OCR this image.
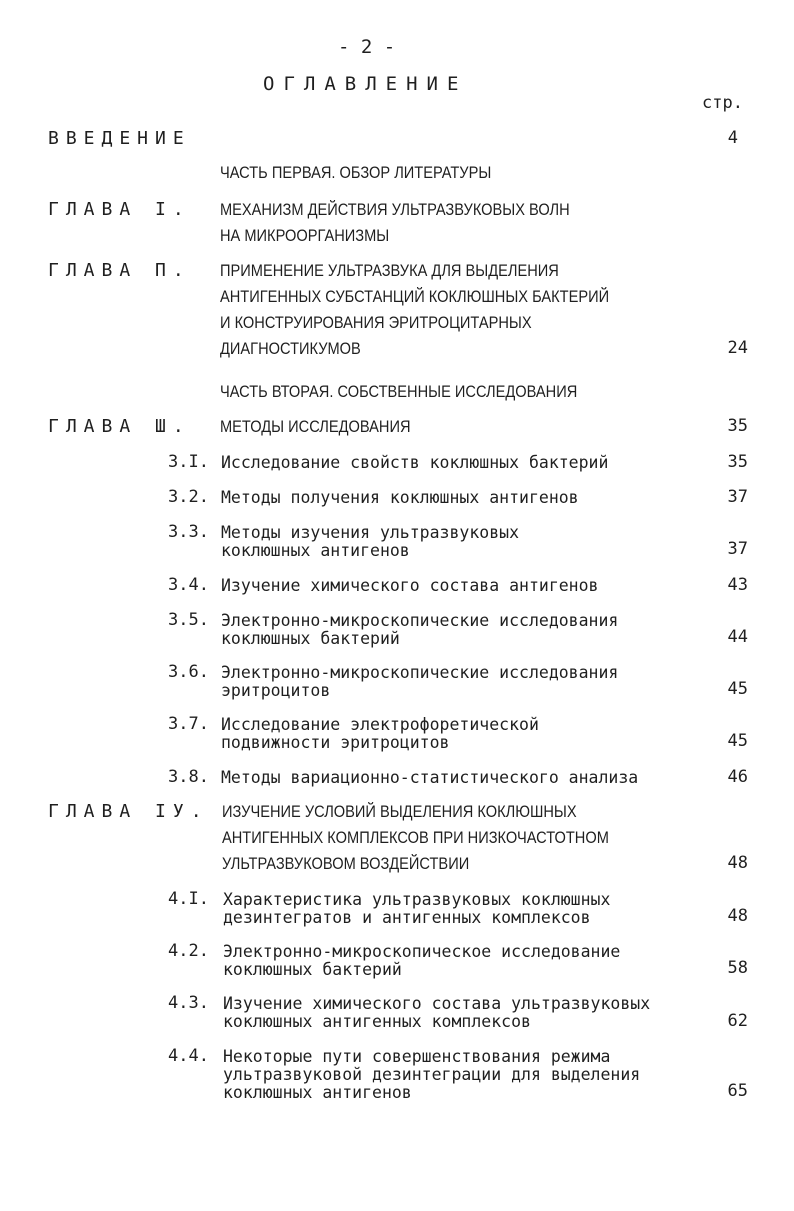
- 2 -
ОГЛАВЛЕНИЕ
стр.
ВВЕДЕНИЕ	4
ЧАСТЬ ПЕРВАЯ. ОБЗОР ЛИТЕРАТУРЫ
ГЛАВА I. МЕХАНИЗМ ДЕЙСТВИЯ УЛЬТРАЗВУКОВЫХ ВОЛН
НА МИКРООРГАНИЗМЫ
ГЛАВА П. ПРИМЕНЕНИЕ УЛЬТРАЗВУКА ДЛЯ ВЫДЕЛЕНИЯ
АНТИГЕННЫХ СУБСТАНЦИЙ КОКЛЮШНЫХ БАКТЕРИЙ
И КОНСТРУИРОВАНИЯ ЭРИТРОЦИТАРНЫХ
ДИАГНОСТИКУМОВ	24
ЧАСТЬ ВТОРАЯ. СОБСТВЕННЫЕ ИССЛЕДОВАНИЯ
ГЛАВА Ш. МЕТОДЫ ИССЛЕДОВАНИЯ	35
3.I. Исследование свойств коклюшных бактерий	35
3.2. Методы получения коклюшных антигенов	37
3.3. Методы изучения ультразвуковых
коклюшных антигенов	37
3.4. Изучение химического состава антигенов	43
3.5. Электронно-микроскопические исследования
коклюшных бактерий	44
3.6. Электронно-микроскопические исследования
эритроцитов	45
3.7. Исследование электрофоретической
подвижности эритроцитов	45
3.8. Методы вариационно-статистического анализа	46
ГЛАВА IУ. ИЗУЧЕНИЕ УСЛОВИЙ ВЫДЕЛЕНИЯ КОКЛЮШНЫХ
АНТИГЕННЫХ КОМПЛЕКСОВ ПРИ НИЗКОЧАСТОТНОМ
УЛЬТРАЗВУКОВОМ ВОЗДЕЙСТВИИ	48
4.I. Характеристика ультразвуковых коклюшных
дезинтегратов и антигенных комплексов	48
4.2. Электронно-микроскопическое исследование
коклюшных бактерий	58
4.3. Изучение химического состава ультразвуковых
коклюшных антигенных комплексов	62
4.4. Некоторые пути совершенствования режима
ультразвуковой дезинтеграции для выделения
коклюшных антигенов	65
